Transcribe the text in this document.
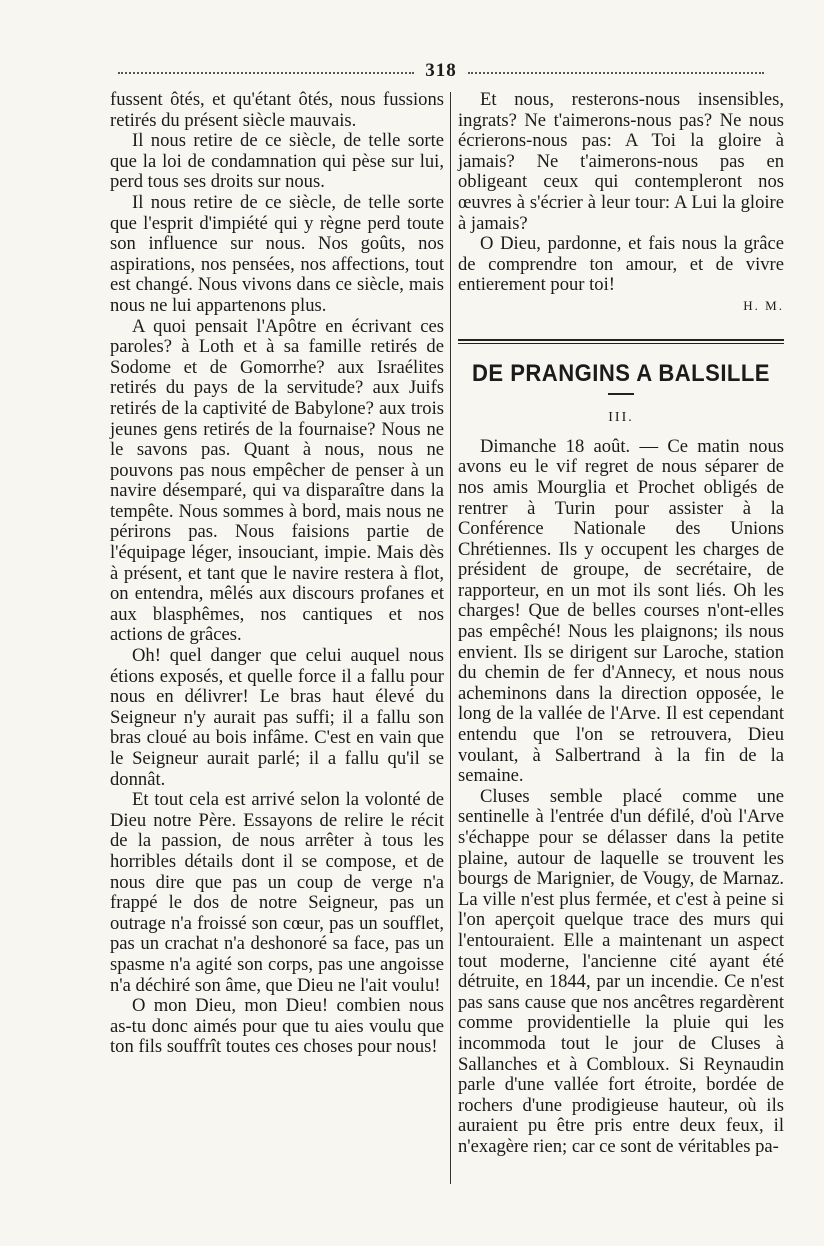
318

fussent ôtés, et qu'étant ôtés, nous fussions retirés du présent siècle mauvais.

Il nous retire de ce siècle, de telle sorte que la loi de condamnation qui pèse sur lui, perd tous ses droits sur nous.

Il nous retire de ce siècle, de telle sorte que l'esprit d'impiété qui y règne perd toute son influence sur nous. Nos goûts, nos aspirations, nos pensées, nos affections, tout est changé. Nous vivons dans ce siècle, mais nous ne lui appartenons plus.

A quoi pensait l'Apôtre en écrivant ces paroles? à Loth et à sa famille retirés de Sodome et de Gomorrhe? aux Israélites retirés du pays de la servitude? aux Juifs retirés de la captivité de Babylone? aux trois jeunes gens retirés de la fournaise? Nous ne le savons pas. Quant à nous, nous ne pouvons pas nous empêcher de penser à un navire désemparé, qui va disparaître dans la tempête. Nous sommes à bord, mais nous ne périrons pas. Nous faisions partie de l'équipage léger, insouciant, impie. Mais dès à présent, et tant que le navire restera à flot, on entendra, mêlés aux discours profanes et aux blasphêmes, nos cantiques et nos actions de grâces.

Oh! quel danger que celui auquel nous étions exposés, et quelle force il a fallu pour nous en délivrer! Le bras haut élevé du Seigneur n'y aurait pas suffi; il a fallu son bras cloué au bois infâme. C'est en vain que le Seigneur aurait parlé; il a fallu qu'il se donnât.

Et tout cela est arrivé selon la volonté de Dieu notre Père. Essayons de relire le récit de la passion, de nous arrêter à tous les horribles détails dont il se compose, et de nous dire que pas un coup de verge n'a frappé le dos de notre Seigneur, pas un outrage n'a froissé son cœur, pas un soufflet, pas un crachat n'a deshonoré sa face, pas un spasme n'a agité son corps, pas une angoisse n'a déchiré son âme, que Dieu ne l'ait voulu!

O mon Dieu, mon Dieu! combien nous as-tu donc aimés pour que tu aies voulu que ton fils souffrît toutes ces choses pour nous!

Et nous, resterons-nous insensibles, ingrats? Ne t'aimerons-nous pas? Ne nous écrierons-nous pas: A Toi la gloire à jamais? Ne t'aimerons-nous pas en obligeant ceux qui contempleront nos œuvres à s'écrier à leur tour: A Lui la gloire à jamais?

O Dieu, pardonne, et fais nous la grâce de comprendre ton amour, et de vivre entierement pour toi!

H. M.

DE PRANGINS A BALSILLE
III.

Dimanche 18 août. — Ce matin nous avons eu le vif regret de nous séparer de nos amis Mourglia et Prochet obligés de rentrer à Turin pour assister à la Conférence Nationale des Unions Chrétiennes. Ils y occupent les charges de président de groupe, de secrétaire, de rapporteur, en un mot ils sont liés. Oh les charges! Que de belles courses n'ont-elles pas empêché! Nous les plaignons; ils nous envient. Ils se dirigent sur Laroche, station du chemin de fer d'Annecy, et nous nous acheminons dans la direction opposée, le long de la vallée de l'Arve. Il est cependant entendu que l'on se retrouvera, Dieu voulant, à Salbertrand à la fin de la semaine.

Cluses semble placé comme une sentinelle à l'entrée d'un défilé, d'où l'Arve s'échappe pour se délasser dans la petite plaine, autour de laquelle se trouvent les bourgs de Marignier, de Vougy, de Marnaz. La ville n'est plus fermée, et c'est à peine si l'on aperçoit quelque trace des murs qui l'entouraient. Elle a maintenant un aspect tout moderne, l'ancienne cité ayant été détruite, en 1844, par un incendie. Ce n'est pas sans cause que nos ancêtres regardèrent comme providentielle la pluie qui les incommoda tout le jour de Cluses à Sallanches et à Combloux. Si Reynaudin parle d'une vallée fort étroite, bordée de rochers d'une prodigieuse hauteur, où ils auraient pu être pris entre deux feux, il n'exagère rien; car ce sont de véritables pa-
